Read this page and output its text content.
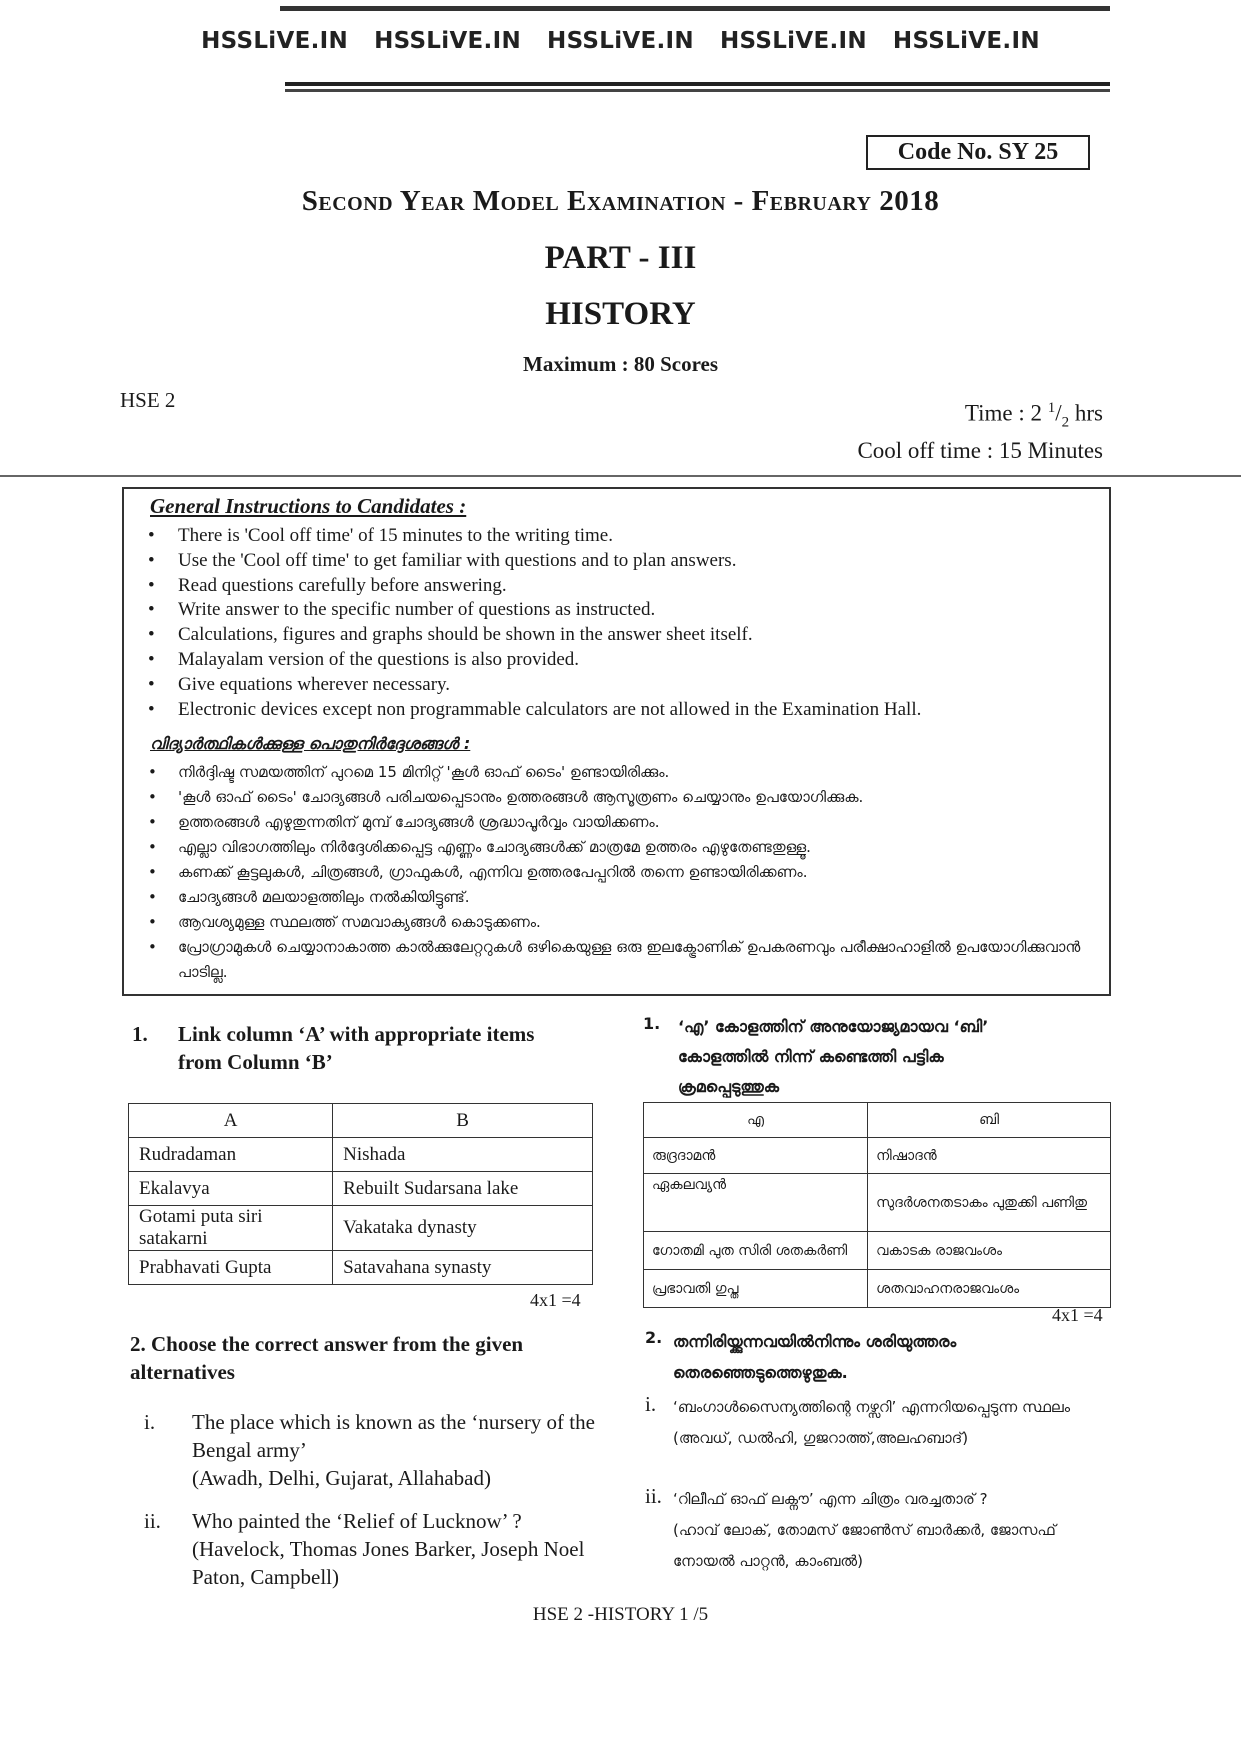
HSSLiVE.IN HSSLiVE.IN HSSLiVE.IN HSSLiVE.IN HSSLiVE.IN
Code No. SY 25
Second Year Model Examination - February 2018
PART - III
HISTORY
Maximum : 80 Scores
HSE 2
Time : 2 $^1/_2$ hrs
Cool off time : 15 Minutes
General Instructions to Candidates :
• There is 'Cool off time' of 15 minutes to the writing time.
• Use the 'Cool off time' to get familiar with questions and to plan answers.
• Read questions carefully before answering.
• Write answer to the specific number of questions as instructed.
• Calculations, figures and graphs should be shown in the answer sheet itself.
• Malayalam version of the questions is also provided.
• Give equations wherever necessary.
• Electronic devices except non programmable calculators are not allowed in the Examination Hall.
വിദ്യാർത്ഥികൾക്കുള്ള പൊതുനിർദ്ദേശങ്ങൾ :
• നിർദ്ദിഷ്ട സമയത്തിന് പുറമെ 15 മിനിറ്റ് 'കൂൾ ഓഫ് ടൈം' ഉണ്ടായിരിക്കും.
• 'കൂൾ ഓഫ് ടൈം' ചോദ്യങ്ങൾ പരിചയപ്പെടാനും ഉത്തരങ്ങൾ ആസൂത്രണം ചെയ്യാനും ഉപയോഗിക്കുക.
• ഉത്തരങ്ങൾ എഴുതുന്നതിന് മുമ്പ് ചോദ്യങ്ങൾ ശ്രദ്ധാപൂർവ്വം വായിക്കണം.
• എല്ലാ വിഭാഗത്തിലും നിർദ്ദേശിക്കപ്പെട്ട എണ്ണം ചോദ്യങ്ങൾക്ക് മാത്രമേ ഉത്തരം എഴുതേണ്ടതുള്ളൂ.
• കണക്ക് കൂട്ടലുകൾ, ചിത്രങ്ങൾ, ഗ്രാഫുകൾ, എന്നിവ ഉത്തരപേപ്പറിൽ തന്നെ ഉണ്ടായിരിക്കണം.
• ചോദ്യങ്ങൾ മലയാളത്തിലും നൽകിയിട്ടുണ്ട്.
• ആവശ്യമുള്ള സ്ഥലത്ത് സമവാക്യങ്ങൾ കൊടുക്കണം.
• പ്രോഗ്രാമുകൾ ചെയ്യാനാകാത്ത കാൽക്കുലേറ്ററുകൾ ഒഴികെയുള്ള ഒരു ഇലക്ട്രോണിക് ഉപകരണവും പരീക്ഷാഹാളിൽ ഉപയോഗിക്കുവാൻ പാടില്ല.
1. Link column ‘A’ with appropriate items from Column ‘B’
A	B
Rudradaman	Nishada
Ekalavya	Rebuilt Sudarsana lake
Gotami puta siri satakarni	Vakataka dynasty
Prabhavati Gupta	Satavahana synasty
4x1 =4
2. Choose the correct answer from the given alternatives
i. The place which is known as the ‘nursery of the Bengal army’
(Awadh, Delhi, Gujarat, Allahabad)
ii. Who painted the ‘Relief of Lucknow’ ?
(Havelock, Thomas Jones Barker, Joseph Noel Paton, Campbell)
1. ‘എ’ കോളത്തിന് അനുയോജ്യമായവ ‘ബി’ കോളത്തിൽ നിന്ന് കണ്ടെത്തി പട്ടിക ക്രമപ്പെടുത്തുക
എ	ബി
രുദ്രദാമൻ	നിഷാദൻ
ഏകലവ്യൻ	സുദർശനതടാകം പുതുക്കി പണിതു
ഗോതമി പുത സിരി ശതകർണി	വകാടക രാജവംശം
പ്രഭാവതി ഗുപ്ത	ശതവാഹനരാജവംശം
4x1 =4
2. തന്നിരിയ്ക്കുന്നവയിൽനിന്നും ശരിയുത്തരം തെരഞ്ഞെടുത്തെഴുതുക.
i. ‘ബംഗാൾസൈന്യത്തിന്റെ നഴ്സറി’ എന്നറിയപ്പെടുന്ന സ്ഥലം
(അവധ്, ഡൽഹി, ഗുജറാത്ത്,അലഹബാദ്)
ii. ‘റിലീഫ് ഓഫ് ലക്നൗ’ എന്ന ചിത്രം വരച്ചതാര് ?
(ഹാവ് ലോക്, തോമസ് ജോൺസ് ബാർക്കർ, ജോസഫ് നോയൽ പാറ്റൻ, കാംബൽ)
HSE 2 -HISTORY 1 /5
